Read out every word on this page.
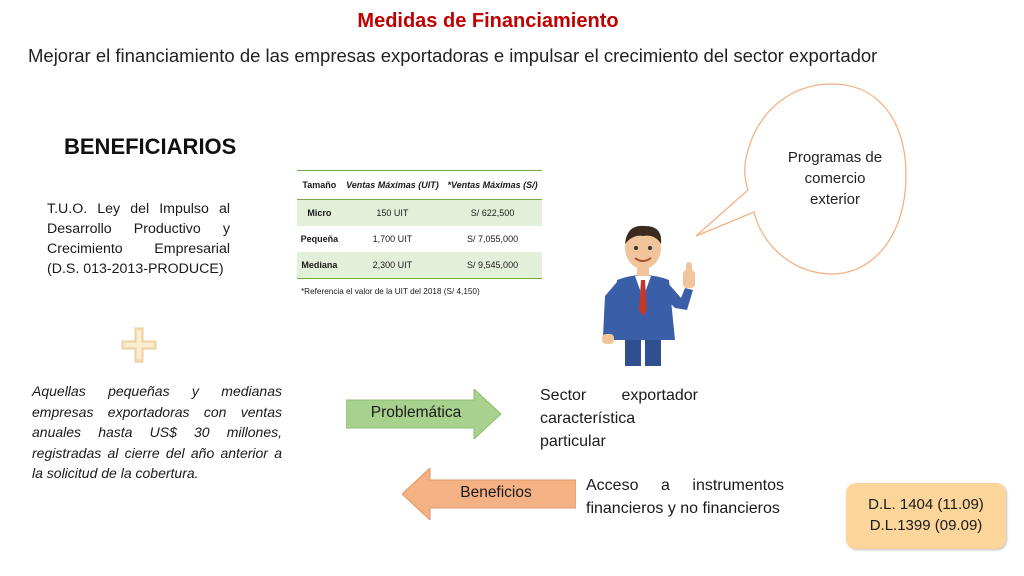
Medidas de Financiamiento
Mejorar el financiamiento de las empresas exportadoras e impulsar el crecimiento del sector exportador
BENEFICIARIOS
T.U.O. Ley del Impulso al Desarrollo Productivo y Crecimiento Empresarial (D.S. 013-2013-PRODUCE)
Aquellas pequeñas y medianas empresas exportadoras con ventas anuales hasta US$ 30 millones, registradas al cierre del año anterior a la solicitud de la cobertura.
Tamaño	Ventas Máximas (UIT)	*Ventas Máximas (S/)
Micro	150 UIT	S/ 622,500
Pequeña	1,700 UIT	S/ 7,055,000
Mediana	2,300 UIT	S/ 9,545,000
*Referencia el valor de la UIT del 2018 (S/ 4,150)
Programas de comercio exterior
Problemática
Sector exportador característica particular
Beneficios	Acceso a instrumentos financieros y no financieros	D.L. 1404 (11.09)
D.L.1399 (09.09)
